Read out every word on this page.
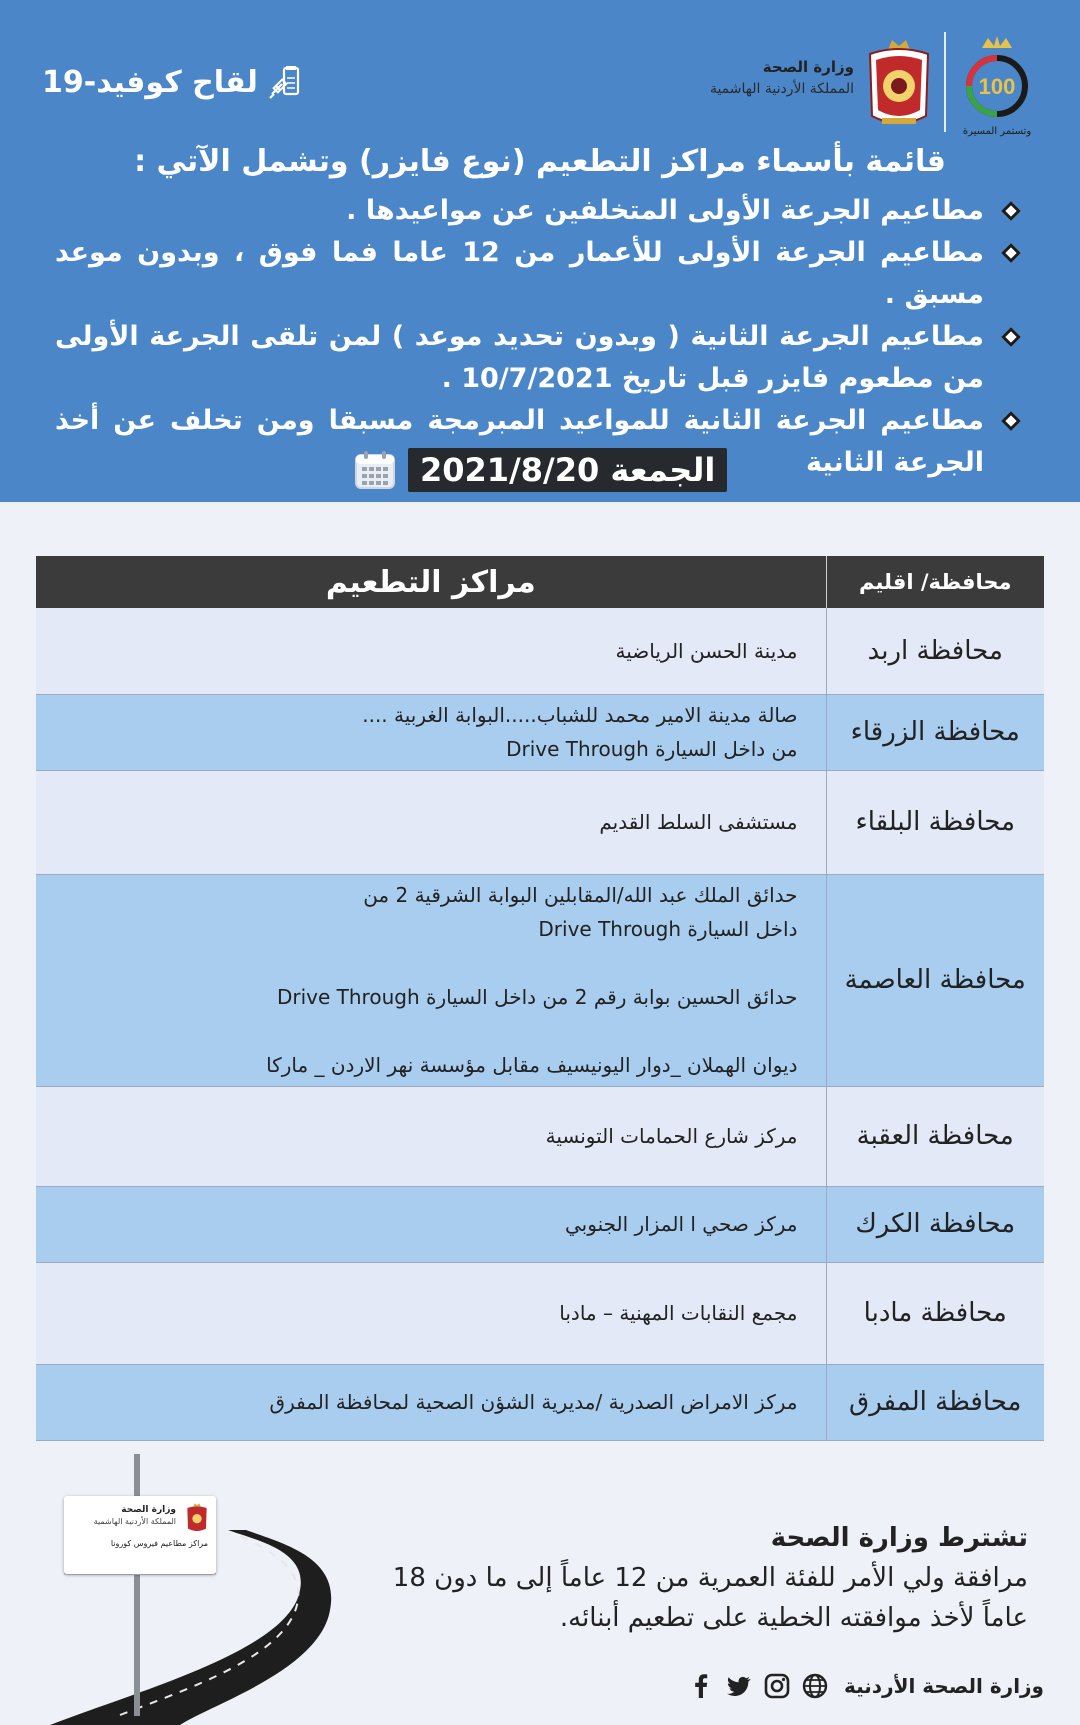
100
وتستمر المسيرة
وزارة الصحة
المملكة الأردنية الهاشمية
لقاح كوفيد-19
قائمة بأسماء مراكز التطعيم (نوع فايزر) وتشمل الآتي :
مطاعيم الجرعة الأولى المتخلفين عن مواعيدها .
مطاعيم الجرعة الأولى للأعمار من 12 عاما فما فوق ، وبدون موعد مسبق .
مطاعيم الجرعة الثانية ( وبدون تحديد موعد ) لمن تلقى الجرعة الأولى من مطعوم فايزر قبل تاريخ 10/7/2021 .
مطاعيم الجرعة الثانية للمواعيد المبرمجة مسبقا ومن تخلف عن أخذ الجرعة الثانية
الجمعة 2021/8/20
محافظة/ اقليم	مراكز التطعيم
محافظة اربد	مدينة الحسن الرياضية

محافظة الزرقاء	صالة مدينة الامير محمد للشباب.....البوابة الغربية ....
من داخل السيارة Drive Through

محافظة البلقاء	مستشفى السلط القديم

محافظة العاصمة	حدائق الملك عبد الله/المقابلين البوابة الشرقية 2 من
داخل السيارة Drive Through
حدائق الحسين بوابة رقم 2 من داخل السيارة Drive Through
ديوان الهملان _دوار اليونيسيف مقابل مؤسسة نهر الاردن _ ماركا

محافظة العقبة	مركز شارع الحمامات التونسية

محافظة الكرك	مركز صحي ا المزار الجنوبي

محافظة مادبا	مجمع النقابات المهنية – مادبا

محافظة المفرق	مركز الامراض الصدرية /مديرية الشؤن الصحية لمحافظة المفرق
وزارة الصحة
المملكة الأردنية الهاشمية
مراكز مطاعيم فيروس كورونا	تشترط وزارة الصحة
مرافقة ولي الأمر للفئة العمرية من 12 عاماً إلى ما دون 18 عاماً لأخذ موافقته الخطية على تطعيم أبنائه.
وزارة الصحة الأردنية
